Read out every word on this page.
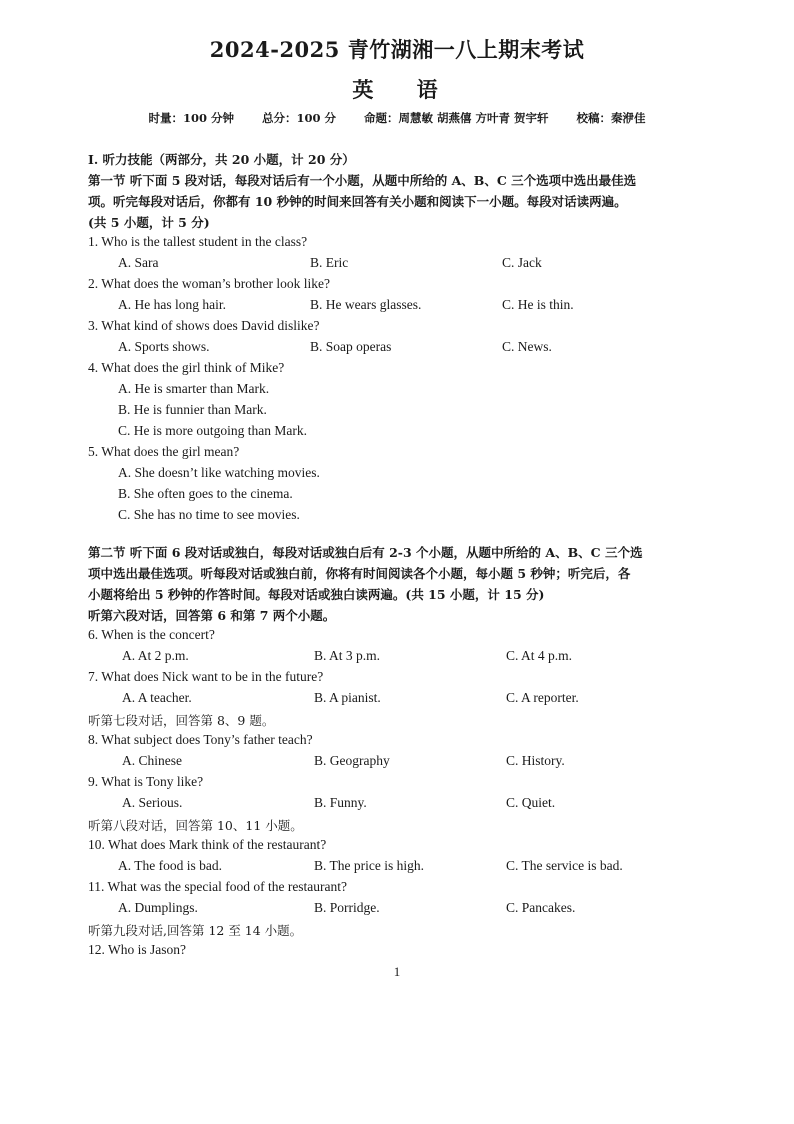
2024-2025 青竹湖湘一八上期末考试
英 语
时量：100 分钟 总分：100 分 命题：周慧敏 胡燕僖 方叶青 贺宇轩 校稿：秦洢佳
I. 听力技能（两部分，共 20 小题，计 20 分）
第一节 听下面 5 段对话，每段对话后有一个小题，从题中所给的 A、B、C 三个选项中选出最佳选
项。听完每段对话后，你都有 10 秒钟的时间来回答有关小题和阅读下一小题。每段对话读两遍。
(共 5 小题，计 5 分)
1. Who is the tallest student in the class?
A. Sara	B. Eric	C. Jack
2. What does the woman’s brother look like?
A. He has long hair.	B. He wears glasses.	C. He is thin.
3. What kind of shows does David dislike?
A. Sports shows.	B. Soap operas	C. News.
4. What does the girl think of Mike?
A. He is smarter than Mark.
B. He is funnier than Mark.
C. He is more outgoing than Mark.
5. What does the girl mean?
A. She doesn’t like watching movies.
B. She often goes to the cinema.
C. She has no time to see movies.
第二节 听下面 6 段对话或独白，每段对话或独白后有 2-3 个小题，从题中所给的 A、B、C 三个选
项中选出最佳选项。听每段对话或独白前，你将有时间阅读各个小题，每小题 5 秒钟；听完后，各
小题将给出 5 秒钟的作答时间。每段对话或独白读两遍。(共 15 小题，计 15 分)
听第六段对话，回答第 6 和第 7 两个小题。
6. When is the concert?
A. At 2 p.m.	B. At 3 p.m.	C. At 4 p.m.
7. What does Nick want to be in the future?
A. A teacher.	B. A pianist.	C. A reporter.
听第七段对话，回答第 8、9 题。
8. What subject does Tony’s father teach?
A. Chinese	B. Geography	C. History.
9. What is Tony like?
A. Serious.	B. Funny.	C. Quiet.
听第八段对话，回答第 10、11 小题。
10. What does Mark think of the restaurant?
A. The food is bad.	B. The price is high.	C. The service is bad.
11. What was the special food of the restaurant?
A. Dumplings.	B. Porridge.	C. Pancakes.
听第九段对话,回答第 12 至 14 小题。
12. Who is Jason?
1
